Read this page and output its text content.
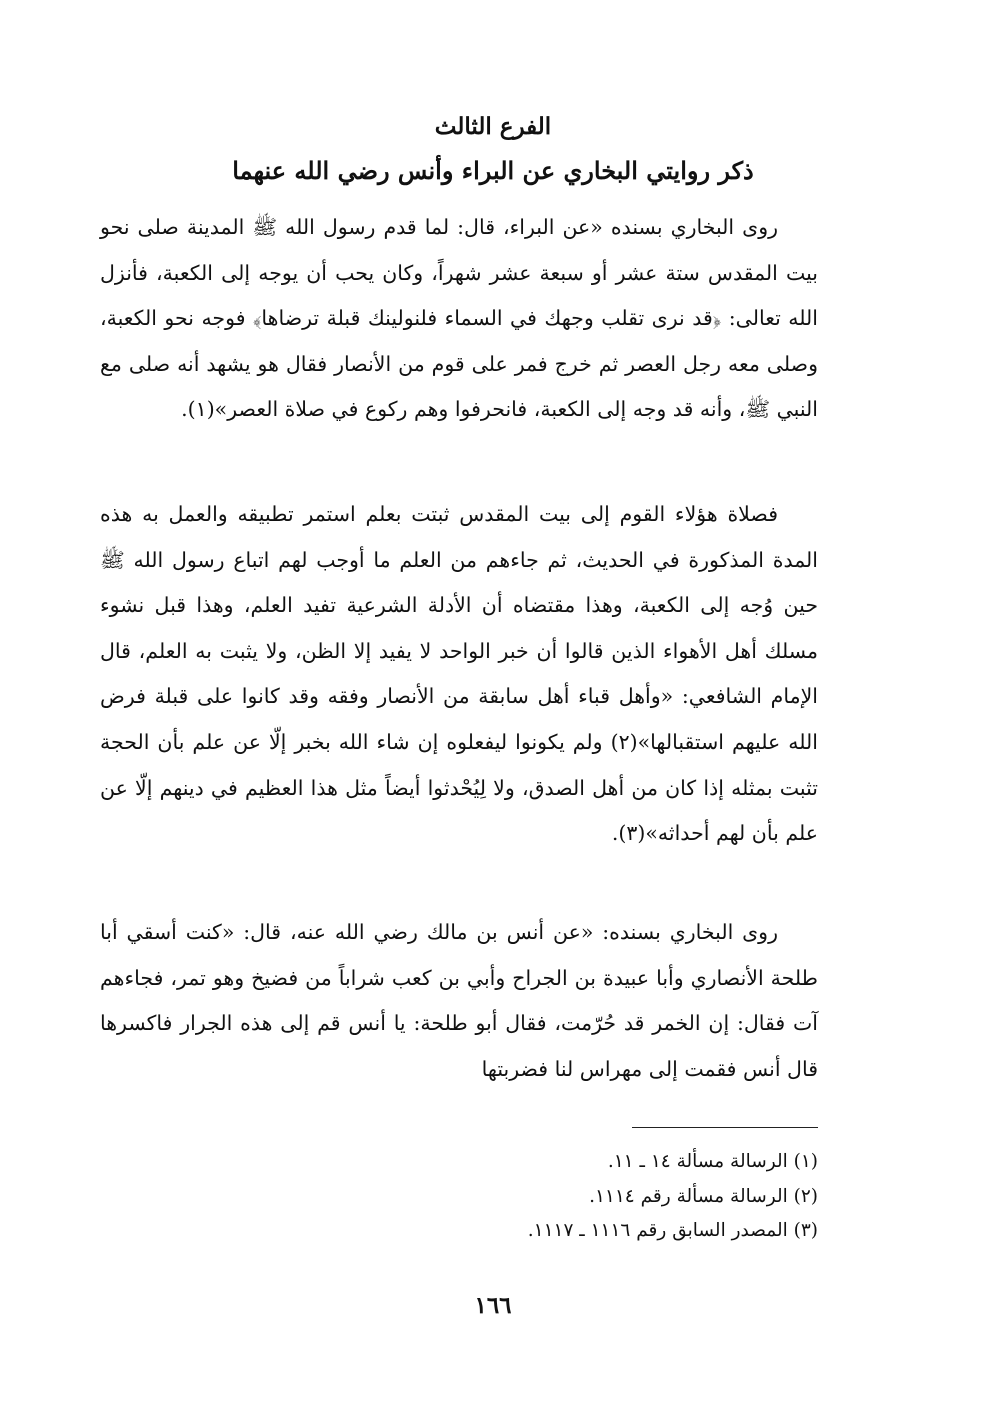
الفرع الثالث
ذكر روايتي البخاري عن البراء وأنس رضي الله عنهما

روى البخاري بسنده «عن البراء، قال: لما قدم رسول الله ﷺ المدينة صلى نحو بيت المقدس ستة عشر أو سبعة عشر شهراً، وكان يحب أن يوجه إلى الكعبة، فأنزل الله تعالى: ﴿قد نرى تقلب وجهك في السماء فلنولينك قبلة ترضاها﴾ فوجه نحو الكعبة، وصلى معه رجل العصر ثم خرج فمر على قوم من الأنصار فقال هو يشهد أنه صلى مع النبي ﷺ، وأنه قد وجه إلى الكعبة، فانحرفوا وهم ركوع في صلاة العصر»(١).

فصلاة هؤلاء القوم إلى بيت المقدس ثبتت بعلم استمر تطبيقه والعمل به هذه المدة المذكورة في الحديث، ثم جاءهم من العلم ما أوجب لهم اتباع رسول الله ﷺ حين وُجه إلى الكعبة، وهذا مقتضاه أن الأدلة الشرعية تفيد العلم، وهذا قبل نشوء مسلك أهل الأهواء الذين قالوا أن خبر الواحد لا يفيد إلا الظن، ولا يثبت به العلم، قال الإمام الشافعي: «وأهل قباء أهل سابقة من الأنصار وفقه وقد كانوا على قبلة فرض الله عليهم استقبالها»(٢) ولم يكونوا ليفعلوه إن شاء الله بخبر إلّا عن علم بأن الحجة تثبت بمثله إذا كان من أهل الصدق، ولا لِيُحْدثوا أيضاً مثل هذا العظيم في دينهم إلّا عن علم بأن لهم أحداثه»(٣).

روى البخاري بسنده: «عن أنس بن مالك رضي الله عنه، قال: «كنت أسقي أبا طلحة الأنصاري وأبا عبيدة بن الجراح وأبي بن كعب شراباً من فضيخ وهو تمر، فجاءهم آت فقال: إن الخمر قد حُرّمت، فقال أبو طلحة: يا أنس قم إلى هذه الجرار فاكسرها قال أنس فقمت إلى مهراس لنا فضربتها

(١) الرسالة مسألة ١٤ ـ ١١.
(٢) الرسالة مسألة رقم ١١١٤.
(٣) المصدر السابق رقم ١١١٦ ـ ١١١٧.
١٦٦
